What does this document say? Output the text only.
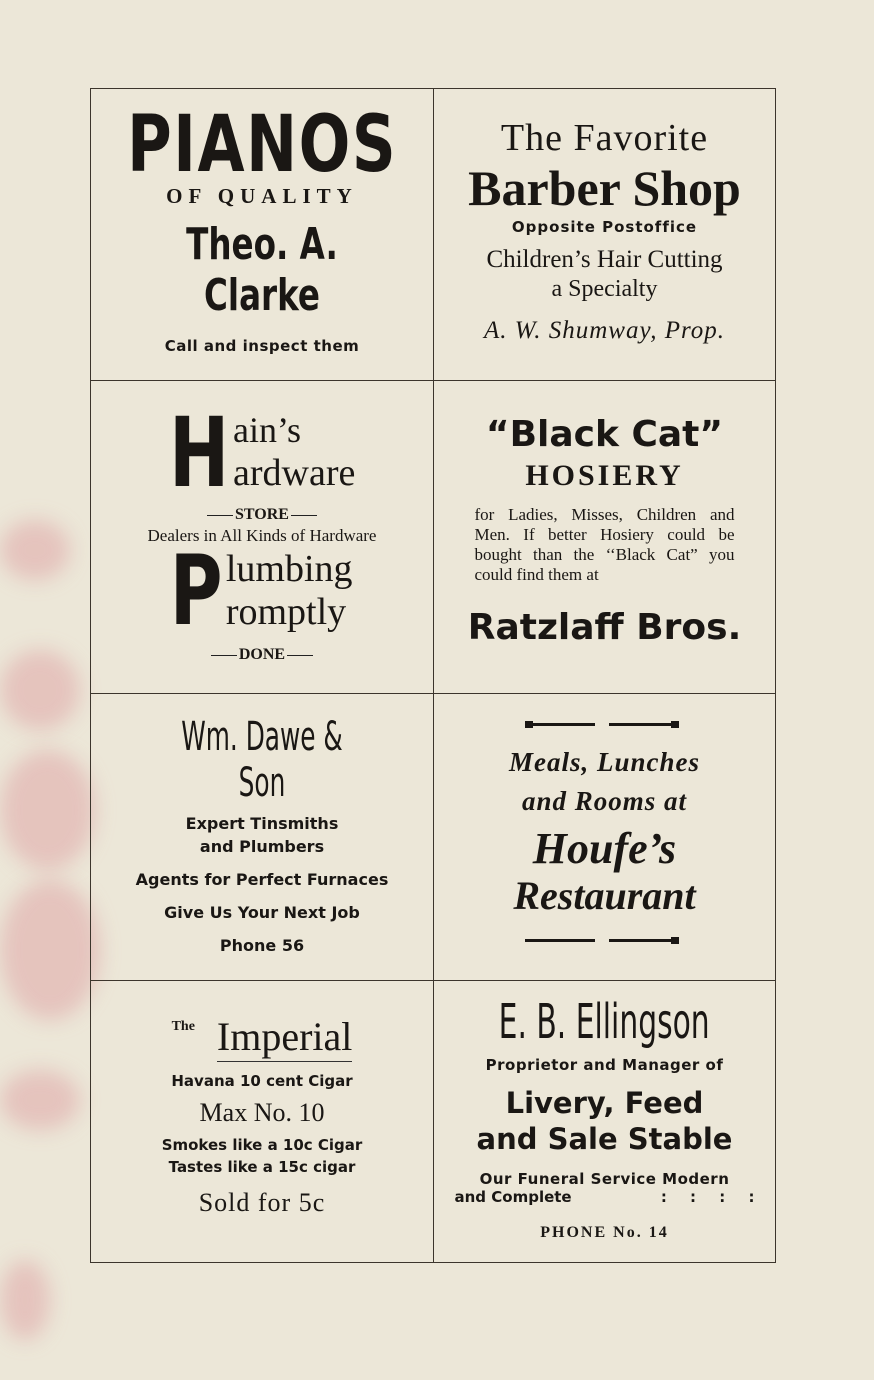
PIANOS
OF QUALITY
Theo. A. Clarke
Call and inspect them
The Favorite
Barber Shop
Opposite Postoffice
Children’s Hair Cutting
a Specialty
A. W. Shumway, Prop.
H ain’s
ardware
STORE
Dealers in All Kinds of Hardware
P lumbing
romptly
DONE
“Black Cat”
HOSIERY
for Ladies, Misses, Children and Men. If better Hosiery could be bought than the ‘‘Black Cat” you could find them at
Ratzlaff Bros.
Wm. Dawe & Son
Expert Tinsmiths
and Plumbers
Agents for Perfect Furnaces
Give Us Your Next Job
Phone 56
Meals, Lunches
and Rooms at
Houfe’s
Restaurant
The Imperial
Havana 10 cent Cigar
Max No. 10
Smokes like a 10c Cigar
Tastes like a 15c cigar
Sold for 5c
E. B. Ellingson
Proprietor and Manager of
Livery, Feed
and Sale Stable
Our Funeral Service Modern
and Complete	: : : :
PHONE No. 14
